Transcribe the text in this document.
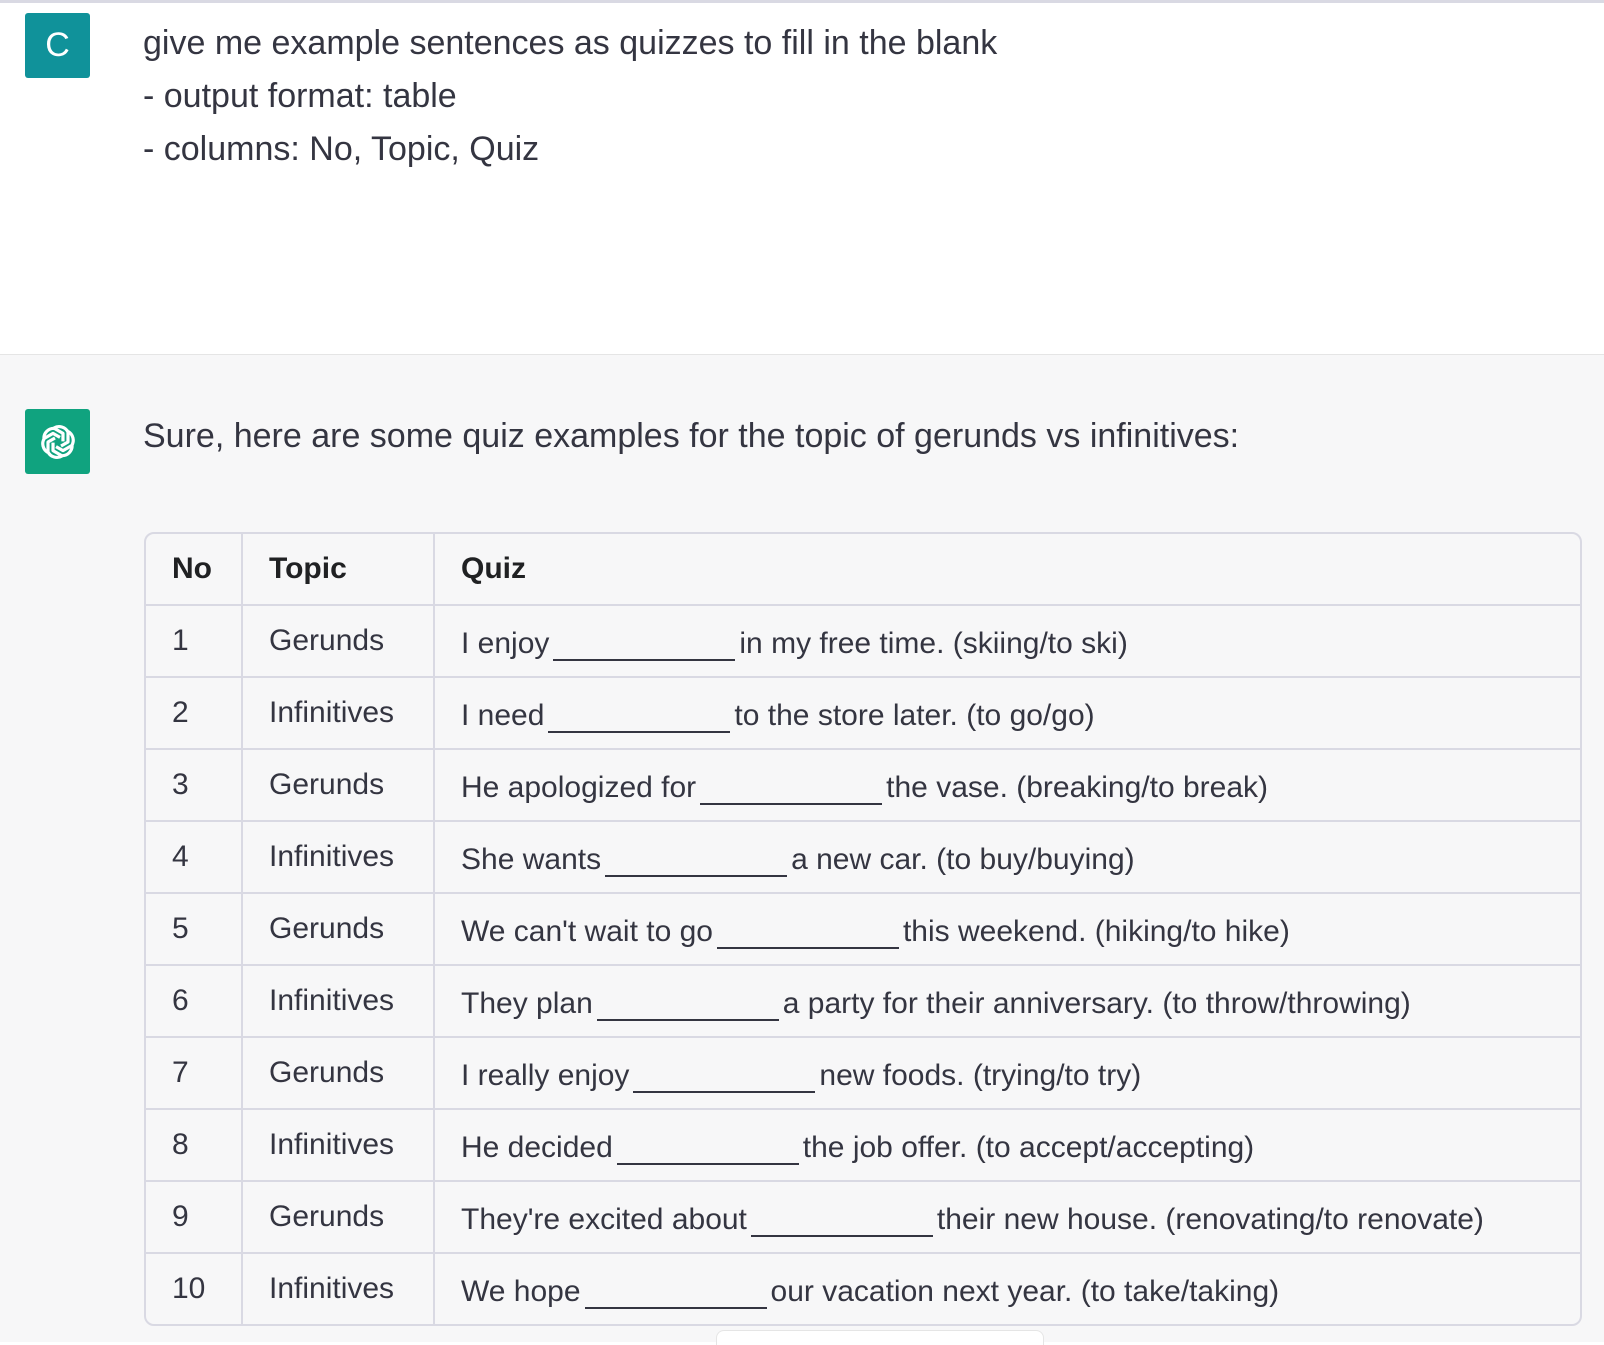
C	give me example sentences as quizzes to fill in the blank
- output format: table
- columns: No, Topic, Quiz
Sure, here are some quiz examples for the topic of gerunds vs infinitives:
No	Topic	Quiz
1	Gerunds	I enjoy in my free time. (skiing/to ski)
2	Infinitives	I need to the store later. (to go/go)
3	Gerunds	He apologized for the vase. (breaking/to break)
4	Infinitives	She wants a new car. (to buy/buying)
5	Gerunds	We can't wait to go this weekend. (hiking/to hike)
6	Infinitives	They plan a party for their anniversary. (to throw/throwing)
7	Gerunds	I really enjoy new foods. (trying/to try)
8	Infinitives	He decided the job offer. (to accept/accepting)
9	Gerunds	They're excited about their new house. (renovating/to renovate)
10	Infinitives	We hope our vacation next year. (to take/taking)
